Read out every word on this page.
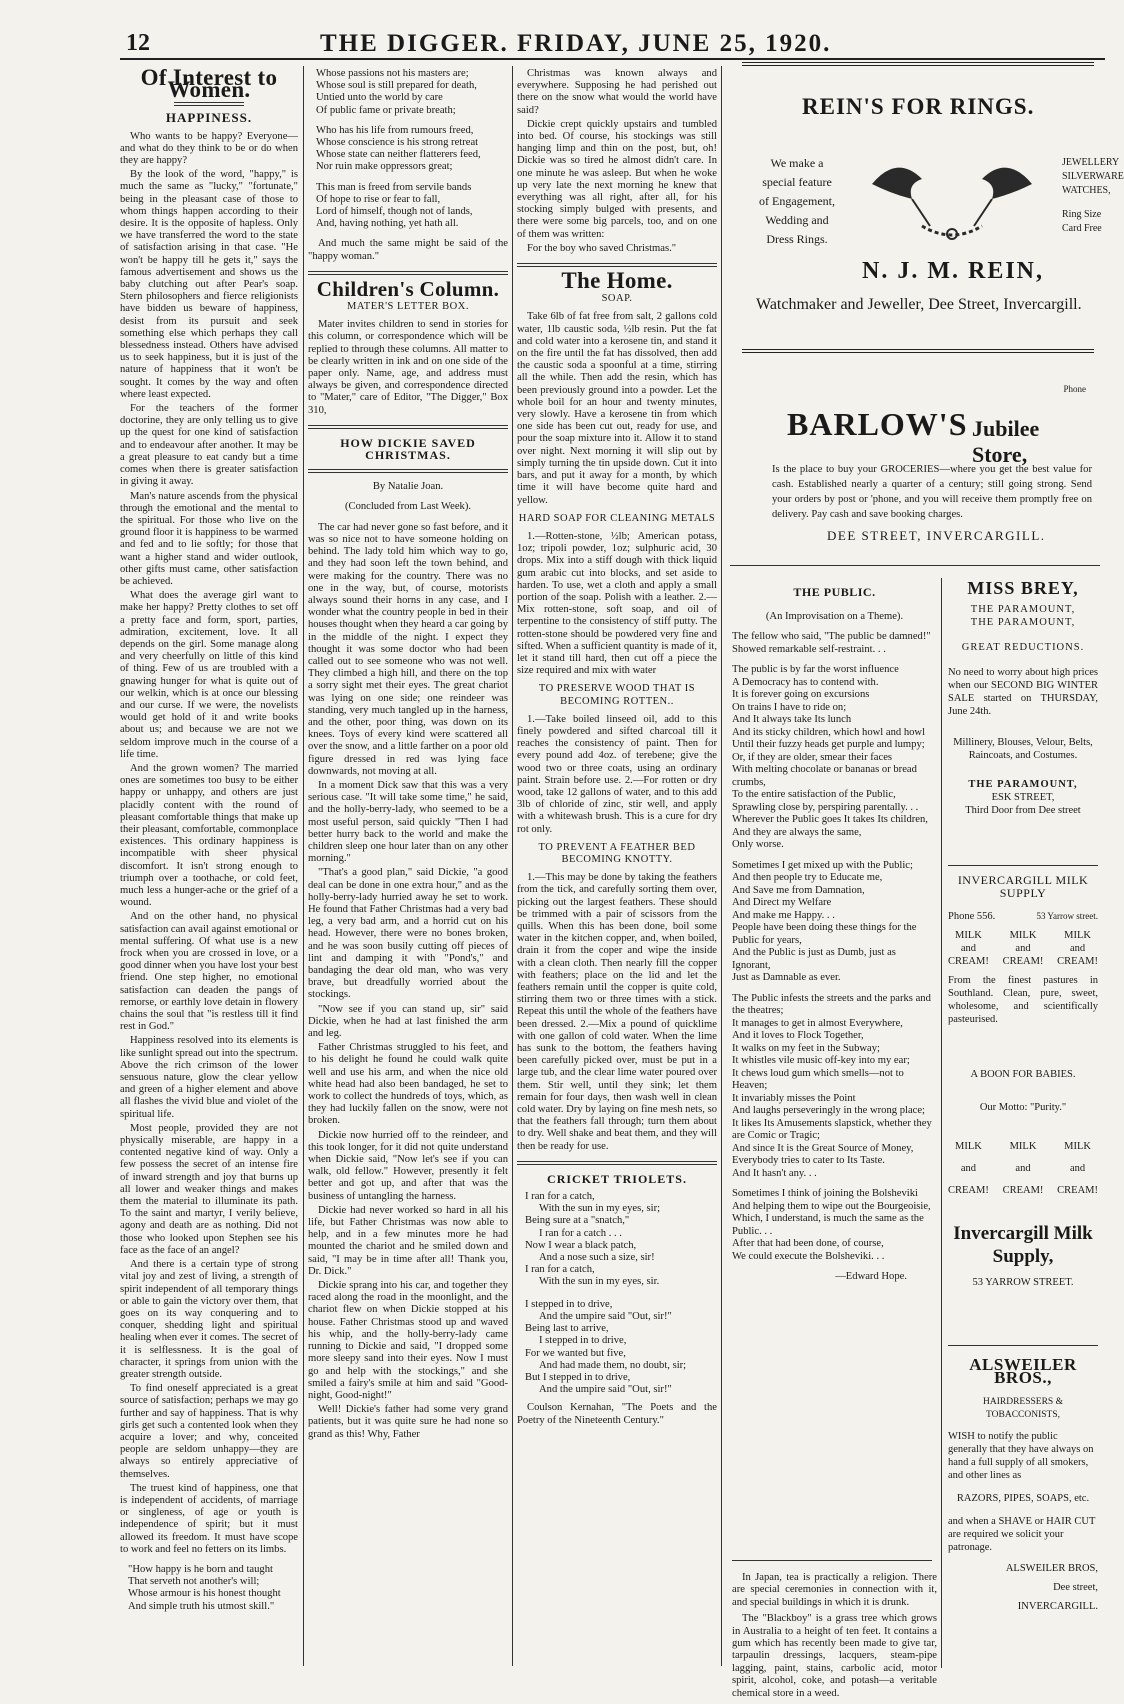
12	THE DIGGER. FRIDAY, JUNE 25, 1920.
Of Interest to Women.
HAPPINESS.

Who wants to be happy? Everyone—and what do they think to be or do when they are happy?

By the look of the word, "happy," is much the same as "lucky," "fortunate," being in the pleasant case of those to whom things happen according to their desire. It is the opposite of hapless. Only we have transferred the word to the state of satisfaction arising in that case. "He won't be happy till he gets it," says the famous advertisement and shows us the baby clutching out after Pear's soap. Stern philosophers and fierce religionists have bidden us beware of happiness, desist from its pursuit and seek something else which perhaps they call blessedness instead. Others have advised us to seek happiness, but it is just of the nature of happiness that it won't be sought. It comes by the way and often where least expected.

For the teachers of the former doctorine, they are only telling us to give up the quest for one kind of satisfaction and to endeavour after another. It may be a great pleasure to eat candy but a time comes when there is greater satisfaction in giving it away.

Man's nature ascends from the physical through the emotional and the mental to the spiritual. For those who live on the ground floor it is happiness to be warmed and fed and to lie softly; for those that want a higher stand and wider outlook, other gifts must came, other satisfaction be achieved.

What does the average girl want to make her happy? Pretty clothes to set off a pretty face and form, sport, parties, admiration, excitement, love. It all depends on the girl. Some manage along and very cheerfully on little of this kind of thing. Few of us are troubled with a gnawing hunger for what is quite out of our welkin, which is at once our blessing and our curse. If we were, the novelists would get hold of it and write books about us; and because we are not we seldom improve much in the course of a life time.

And the grown women? The married ones are sometimes too busy to be either happy or unhappy, and others are just placidly content with the round of pleasant comfortable things that make up their pleasant, comfortable, commonplace existences. This ordinary happiness is incompatible with sheer physical discomfort. It isn't strong enough to triumph over a toothache, or cold feet, much less a hunger-ache or the grief of a wound.

And on the other hand, no physical satisfaction can avail against emotional or mental suffering. Of what use is a new frock when you are crossed in love, or a good dinner when you have lost your best friend. One step higher, no emotional satisfaction can deaden the pangs of remorse, or earthly love detain in flowery chains the soul that "is restless till it find rest in God."

Happiness resolved into its elements is like sunlight spread out into the spectrum. Above the rich crimson of the lower sensuous nature, glow the clear yellow and green of a higher element and above all flashes the vivid blue and violet of the spiritual life.

Most people, provided they are not physically miserable, are happy in a contented negative kind of way. Only a few possess the secret of an intense fire of inward strength and joy that burns up all lower and weaker things and makes them the material to illuminate its path. To the saint and martyr, I verily believe, agony and death are as nothing. Did not those who looked upon Stephen see his face as the face of an angel?

And there is a certain type of strong vital joy and zest of living, a strength of spirit independent of all temporary things or able to gain the victory over them, that goes on its way conquering and to conquer, shedding light and spiritual healing when ever it comes. The secret of it is selflessness. It is the goal of character, it springs from union with the greater strength outside.

To find oneself appreciated is a great source of satisfaction; perhaps we may go further and say of happiness. That is why girls get such a contented look when they acquire a lover; and why, conceited people are seldom unhappy—they are always so entirely appreciative of themselves.

The truest kind of happiness, one that is independent of accidents, of marriage or singleness, of age or youth is independence of spirit; but it must allowed its freedom. It must have scope to work and feel no fetters on its limbs.

"How happy is he born and taught

That serveth not another's will;

Whose armour is his honest thought

And simple truth his utmost skill."

Whose passions not his masters are;

Whose soul is still prepared for death,

Untied unto the world by care

Of public fame or private breath;

Who has his life from rumours freed,

Whose conscience is his strong retreat

Whose state can neither flatterers feed,

Nor ruin make oppressors great;

This man is freed from servile bands

Of hope to rise or fear to fall,

Lord of himself, though not of lands,

And, having nothing, yet hath all.

And much the same might be said of the "happy woman."

Children's Column.
MATER'S LETTER BOX.

Mater invites children to send in stories for this column, or correspondence which will be replied to through these columns. All matter to be clearly written in ink and on one side of the paper only. Name, age, and address must always be given, and correspondence directed to "Mater," care of Editor, "The Digger," Box 310,

HOW DICKIE SAVED CHRISTMAS.

By Natalie Joan.

(Concluded from Last Week).

The car had never gone so fast before, and it was so nice not to have someone holding on behind. The lady told him which way to go, and they had soon left the town behind, and were making for the country. There was no one in the way, but, of course, motorists always sound their horns in any case, and I wonder what the country people in bed in their houses thought when they heard a car going by in the middle of the night. I expect they thought it was some doctor who had been called out to see someone who was not well. They climbed a high hill, and there on the top a sorry sight met their eyes. The great chariot was lying on one side; one reindeer was standing, very much tangled up in the harness, and the other, poor thing, was down on its knees. Toys of every kind were scattered all over the snow, and a little farther on a poor old figure dressed in red was lying face downwards, not moving at all.

In a moment Dick saw that this was a very serious case. "It will take some time," he said, and the holly-berry-lady, who seemed to be a most useful person, said quickly "Then I had better hurry back to the world and make the children sleep one hour later than on any other morning."

"That's a good plan," said Dickie, "a good deal can be done in one extra hour," and as the holly-berry-lady hurried away he set to work. He found that Father Christmas had a very bad leg, a very bad arm, and a horrid cut on his head. However, there were no bones broken, and he was soon busily cutting off pieces of lint and damping it with "Pond's," and bandaging the dear old man, who was very brave, but dreadfully worried about the stockings.

"Now see if you can stand up, sir" said Dickie, when he had at last finished the arm and leg.

Father Christmas struggled to his feet, and to his delight he found he could walk quite well and use his arm, and when the nice old white head had also been bandaged, he set to work to collect the hundreds of toys, which, as they had luckily fallen on the snow, were not broken.

Dickie now hurried off to the reindeer, and this took longer, for it did not quite understand when Dickie said, "Now let's see if you can walk, old fellow." However, presently it felt better and got up, and after that was the business of untangling the harness.

Dickie had never worked so hard in all his life, but Father Christmas was now able to help, and in a few minutes more he had mounted the chariot and he smiled down and said, "I may be in time after all! Thank you, Dr. Dick."

Dickie sprang into his car, and together they raced along the road in the moonlight, and the chariot flew on when Dickie stopped at his house. Father Christmas stood up and waved his whip, and the holly-berry-lady came running to Dickie and said, "I dropped some more sleepy sand into their eyes. Now I must go and help with the stockings," and she smiled a fairy's smile at him and said "Good-night, Good-night!"

Well! Dickie's father had some very grand patients, but it was quite sure he had none so grand as this! Why, Father

Christmas was known always and everywhere. Supposing he had perished out there on the snow what would the world have said?

Dickie crept quickly upstairs and tumbled into bed. Of course, his stockings was still hanging limp and thin on the post, but, oh! Dickie was so tired he almost didn't care. In one minute he was asleep. But when he woke up very late the next morning he knew that everything was all right, after all, for his stocking simply bulged with presents, and there were some big parcels, too, and on one of them was written:

For the boy who saved Christmas."

The Home.
SOAP.

Take 6lb of fat free from salt, 2 gallons cold water, 1lb caustic soda, ½lb resin. Put the fat and cold water into a kerosene tin, and stand it on the fire until the fat has dissolved, then add the caustic soda a spoonful at a time, stirring all the while. Then add the resin, which has been previously ground into a powder. Let the whole boil for an hour and twenty minutes, very slowly. Have a kerosene tin from which one side has been cut out, ready for use, and pour the soap mixture into it. Allow it to stand over night. Next morning it will slip out by simply turning the tin upside down. Cut it into bars, and put it away for a month, by which time it will have become quite hard and yellow.

HARD SOAP FOR CLEANING METALS

1.—Rotten-stone, ½lb; American potass, 1oz; tripoli powder, 1oz; sulphuric acid, 30 drops. Mix into a stiff dough with thick liquid gum arabic cut into blocks, and set aside to harden. To use, wet a cloth and apply a small portion of the soap. Polish with a leather. 2.—Mix rotten-stone, soft soap, and oil of terpentine to the consistency of stiff putty. The rotten-stone should be powdered very fine and sifted. When a sufficient quantity is made of it, let it stand till hard, then cut off a piece the size required and mix with water

TO PRESERVE WOOD THAT IS BECOMING ROTTEN..

1.—Take boiled linseed oil, add to this finely powdered and sifted charcoal till it reaches the consistency of paint. Then for every pound add 4oz. of terebene; give the wood two or three coats, using an ordinary paint. Strain before use. 2.—For rotten or dry wood, take 12 gallons of water, and to this add 3lb of chloride of zinc, stir well, and apply with a whitewash brush. This is a cure for dry rot only.

TO PREVENT A FEATHER BED BECOMING KNOTTY.

1.—This may be done by taking the feathers from the tick, and carefully sorting them over, picking out the largest feathers. These should be trimmed with a pair of scissors from the quills. When this has been done, boil some water in the kitchen copper, and, when boiled, drain it from the coper and wipe the inside with a clean cloth. Then nearly fill the copper with feathers; place on the lid and let the feathers remain until the copper is quite cold, stirring them two or three times with a stick. Repeat this until the whole of the feathers have been dressed. 2.—Mix a pound of quicklime with one gallon of cold water. When the lime has sunk to the bottom, the feathers having been carefully picked over, must be put in a large tub, and the clear lime water poured over them. Stir well, until they sink; let them remain for four days, then wash well in clean cold water. Dry by laying on fine mesh nets, so that the feathers fall through; turn them about to dry. Well shake and beat them, and they will then be ready for use.

CRICKET TRIOLETS.

I ran for a catch,

With the sun in my eyes, sir;

Being sure at a "snatch,"

I ran for a catch . . .

Now I wear a black patch,

And a nose such a size, sir!

I ran for a catch,

With the sun in my eyes, sir.

I stepped in to drive,

And the umpire said "Out, sir!"

Being last to arrive,

I stepped in to drive,

For we wanted but five,

And had made them, no doubt, sir;

But I stepped in to drive,

And the umpire said "Out, sir!"

Coulson Kernahan, "The Poets and the Poetry of the Nineteenth Century."

REIN'S FOR RINGS.
We make a
special feature
of Engagement,
Wedding and
Dress Rings.
JEWELLERY
SILVERWARE
WATCHES,
Ring Size
Card Free
N. J. M. REIN,
Watchmaker and Jeweller, Dee Street, Invercargill.
Phone
BARLOW'S Jubilee Store,
Is the place to buy your GROCERIES—where you get the best value for cash. Established nearly a quarter of a century; still going strong. Send your orders by post or 'phone, and you will receive them promptly free on delivery. Pay cash and save booking charges.
DEE STREET, INVERCARGILL.
THE PUBLIC.
(An Improvisation on a Theme).
The fellow who said, "The public be damned!"
Showed remarkable self-restraint. . .
The public is by far the worst influence
A Democracy has to contend with.
It is forever going on excursions
On trains I have to ride on;
And It always take Its lunch
And its sticky children, which howl and howl
Until their fuzzy heads get purple and lumpy;
Or, if they are older, smear their faces
With melting chocolate or bananas or bread crumbs,
To the entire satisfaction of the Public,
Sprawling close by, perspiring parentally. . .
Wherever the Public goes It takes Its children,
And they are always the same,
Only worse.
Sometimes I get mixed up with the Public;
And then people try to Educate me,
And Save me from Damnation,
And Direct my Welfare
And make me Happy. . .
People have been doing these things for the Public for years,
And the Public is just as Dumb, just as Ignorant,
Just as Damnable as ever.
The Public infests the streets and the parks and the theatres;
It manages to get in almost Everywhere,
And it loves to Flock Together,
It walks on my feet in the Subway;
It whistles vile music off-key into my ear;
It chews loud gum which smells—not to Heaven;
It invariably misses the Point
And laughs perseveringly in the wrong place;
It likes Its Amusements slapstick, whether they are Comic or Tragic;
And since It is the Great Source of Money,
Everybody tries to cater to Its Taste.
And It hasn't any. . .
Sometimes I think of joining the Bolsheviki
And helping them to wipe out the Bourgeoisie,
Which, I understand, is much the same as the Public. . .
After that had been done, of course,
We could execute the Bolsheviki. . .
—Edward Hope.

In Japan, tea is practically a religion. There are special ceremonies in connection with it, and special buildings in which it is drunk.

The "Blackboy" is a grass tree which grows in Australia to a height of ten feet. It contains a gum which has recently been made to give tar, tarpaulin dressings, lacquers, steam-pipe lagging, paint, stains, carbolic acid, motor spirit, alcohol, coke, and potash—a veritable chemical store in a weed.

MISS BREY,
THE PARAMOUNT,
THE PARAMOUNT,
GREAT REDUCTIONS.
No need to worry about high prices when our SECOND BIG WINTER SALE started on THURSDAY, June 24th.
Millinery, Blouses, Velour, Belts, Raincoats, and Costumes.
THE PARAMOUNT,
ESK STREET,
Third Door from Dee street
INVERCARGILL MILK SUPPLY
Phone 556.	53 Yarrow street.
MILK
and
CREAM!
MILK
and
CREAM!
MILK
and
CREAM!
From the finest pastures in Southland. Clean, pure, sweet, wholesome, and scientifically pasteurised.
A BOON FOR BABIES.
Our Motto: "Purity."
MILK
and
CREAM!
MILK
and
CREAM!
MILK
and
CREAM!
Invercargill Milk Supply,
53 YARROW STREET.
ALSWEILER BROS.,
HAIRDRESSERS & TOBACCONISTS,
WISH to notify the public generally that they have always on hand a full supply of all smokers, and other lines as
RAZORS, PIPES, SOAPS, etc.
and when a SHAVE or HAIR CUT are required we solicit your patronage.
ALSWEILER BROS,
Dee street,
INVERCARGILL.
